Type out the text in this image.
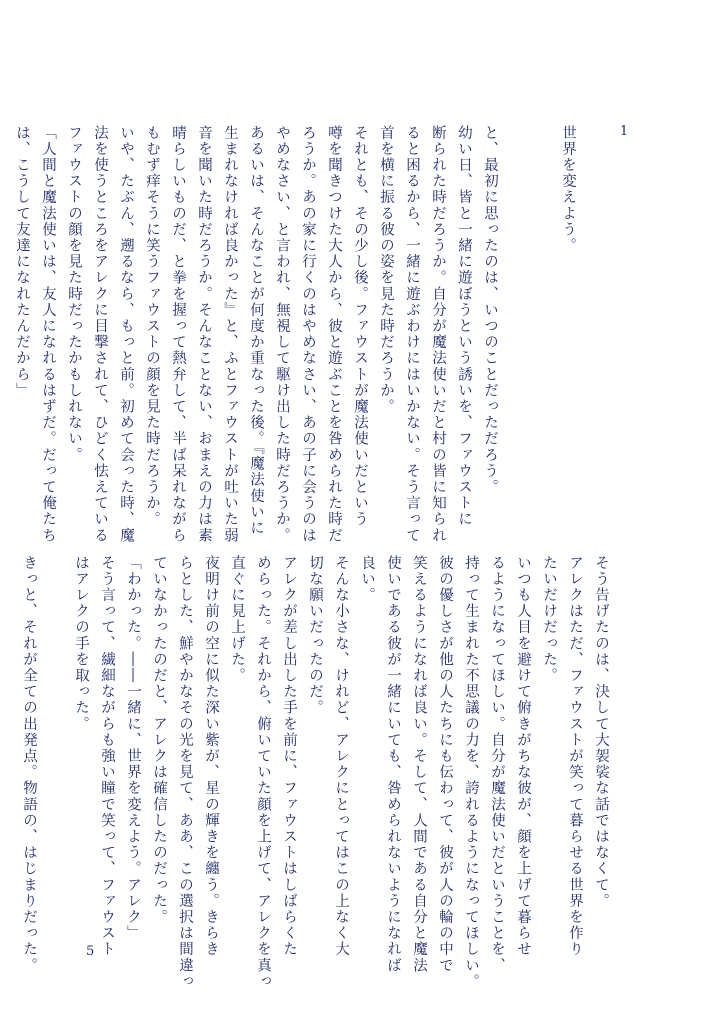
1
世界を変えよう。
と、最初に思ったのは、いつのことだっただろう。
幼い日、皆と一緒に遊ぼうという誘いを、ファウストに
断られた時だろうか。自分が魔法使いだと村の皆に知られ
ると困るから、一緒に遊ぶわけにはいかない。そう言って
首を横に振る彼の姿を見た時だろうか。
それとも、その少し後。ファウストが魔法使いだという
噂を聞きつけた大人から、彼と遊ぶことを咎められた時だ
ろうか。あの家に行くのはやめなさい、あの子に会うのは
やめなさい、と言われ、無視して駆け出した時だろうか。
あるいは、そんなことが何度か重なった後。『魔法使いに
生まれなければ良かった』と、ふとファウストが吐いた弱
音を聞いた時だろうか。そんなことない、おまえの力は素
晴らしいものだ、と拳を握って熱弁して、半ば呆れながら
もむず痒そうに笑うファウストの顔を見た時だろうか。
いや、たぶん、遡るなら、もっと前。初めて会った時、魔
法を使うところをアレクに目撃されて、ひどく怯えている
ファウストの顔を見た時だったかもしれない。
「人間と魔法使いは、友人になれるはずだ。だって俺たち
は、こうして友達になれたんだから」
そう告げたのは、決して大袈裟な話ではなくて。
アレクはただ、ファウストが笑って暮らせる世界を作り
たいだけだった。
いつも人目を避けて俯きがちな彼が、顔を上げて暮らせ
るようになってほしい。自分が魔法使いだということを、
持って生まれた不思議の力を、誇れるようになってほしい。
彼の優しさが他の人たちにも伝わって、彼が人の輪の中で
笑えるようになれば良い。そして、人間である自分と魔法
使いである彼が一緒にいても、咎められないようになれば
良い。
そんな小さな、けれど、アレクにとってはこの上なく大
切な願いだったのだ。
アレクが差し出した手を前に、ファウストはしばらくた
めらった。それから、俯いていた顔を上げて、アレクを真っ
直ぐに見上げた。
夜明け前の空に似た深い紫が、星の輝きを纏う。きらき
らとした、鮮やかなその光を見て、ああ、この選択は間違っ
ていなかったのだと、アレクは確信したのだった。
「わかった。――一緒に、世界を変えよう。アレク」
そう言って、繊細ながらも強い瞳で笑って、ファウスト
はアレクの手を取った。
きっと、それが全ての出発点。物語の、はじまりだった。	5
